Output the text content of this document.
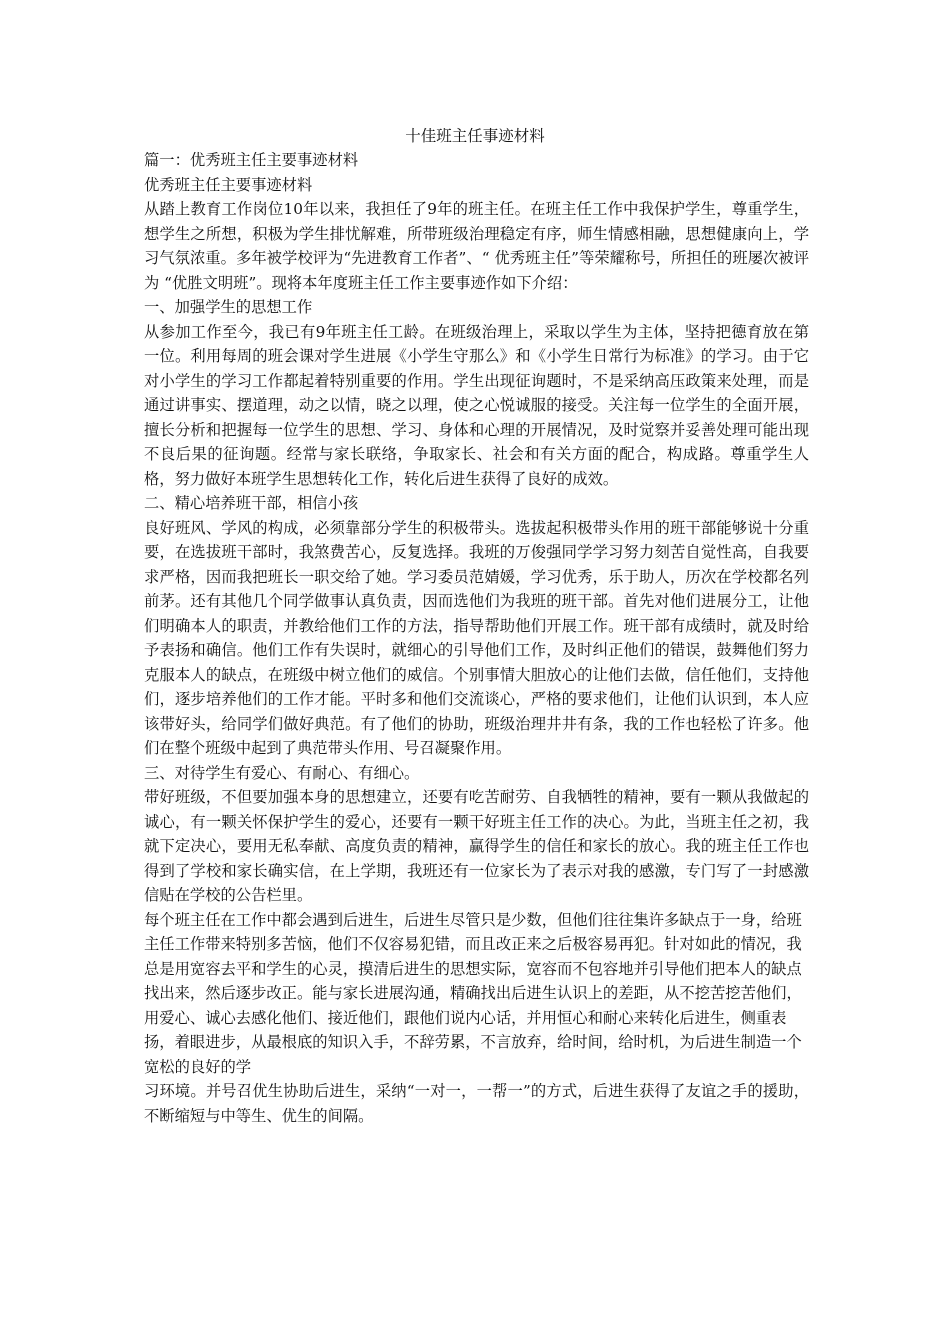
十佳班主任事迹材料

篇一：优秀班主任主要事迹材料

优秀班主任主要事迹材料

从踏上教育工作岗位10年以来，我担任了9年的班主任。在班主任工作中我保护学生，尊重学生，想学生之所想，积极为学生排忧解难，所带班级治理稳定有序，师生情感相融，思想健康向上，学习气氛浓重。多年被学校评为“先进教育工作者”、“ 优秀班主任”等荣耀称号，所担任的班屡次被评为 “优胜文明班”。现将本年度班主任工作主要事迹作如下介绍：

一、加强学生的思想工作

从参加工作至今，我已有9年班主任工龄。在班级治理上，采取以学生为主体，坚持把德育放在第一位。利用每周的班会课对学生进展《小学生守那么》和《小学生日常行为标准》的学习。由于它对小学生的学习工作都起着特别重要的作用。学生出现征询题时，不是采纳高压政策来处理，而是通过讲事实、摆道理，动之以情，晓之以理，使之心悦诚服的接受。关注每一位学生的全面开展，擅长分析和把握每一位学生的思想、学习、身体和心理的开展情况，及时觉察并妥善处理可能出现不良后果的征询题。经常与家长联络，争取家长、社会和有关方面的配合，构成路。尊重学生人格，努力做好本班学生思想转化工作，转化后进生获得了良好的成效。

二、精心培养班干部，相信小孩

良好班风、学风的构成，必须靠部分学生的积极带头。选拔起积极带头作用的班干部能够说十分重要，在选拔班干部时，我煞费苦心，反复选择。我班的万俊强同学学习努力刻苦自觉性高，自我要求严格，因而我把班长一职交给了她。学习委员范婧媛，学习优秀，乐于助人，历次在学校都名列前茅。还有其他几个同学做事认真负责，因而选他们为我班的班干部。首先对他们进展分工，让他们明确本人的职责，并教给他们工作的方法，指导帮助他们开展工作。班干部有成绩时，就及时给予表扬和确信。他们工作有失误时，就细心的引导他们工作，及时纠正他们的错误，鼓舞他们努力克服本人的缺点，在班级中树立他们的威信。个别事情大胆放心的让他们去做，信任他们，支持他们，逐步培养他们的工作才能。平时多和他们交流谈心，严格的要求他们，让他们认识到，本人应该带好头，给同学们做好典范。有了他们的协助，班级治理井井有条，我的工作也轻松了许多。他们在整个班级中起到了典范带头作用、号召凝聚作用。

三、对待学生有爱心、有耐心、有细心。

带好班级，不但要加强本身的思想建立，还要有吃苦耐劳、自我牺牲的精神，要有一颗从我做起的诚心，有一颗关怀保护学生的爱心，还要有一颗干好班主任工作的决心。为此，当班主任之初，我就下定决心，要用无私奉献、高度负责的精神，赢得学生的信任和家长的放心。我的班主任工作也得到了学校和家长确实信，在上学期，我班还有一位家长为了表示对我的感激，专门写了一封感激信贴在学校的公告栏里。

每个班主任在工作中都会遇到后进生，后进生尽管只是少数，但他们往往集许多缺点于一身，给班主任工作带来特别多苦恼，他们不仅容易犯错，而且改正来之后极容易再犯。针对如此的情况，我总是用宽容去平和学生的心灵，摸清后进生的思想实际，宽容而不包容地并引导他们把本人的缺点找出来，然后逐步改正。能与家长进展沟通，精确找出后进生认识上的差距，从不挖苦挖苦他们，用爱心、诚心去感化他们、接近他们，跟他们说内心话，并用恒心和耐心来转化后进生，侧重表扬，着眼进步，从最根底的知识入手，不辞劳累，不言放弃，给时间，给时机，为后进生制造一个宽松的良好的学

习环境。并号召优生协助后进生，采纳“一对一，一帮一”的方式，后进生获得了友谊之手的援助，不断缩短与中等生、优生的间隔。
